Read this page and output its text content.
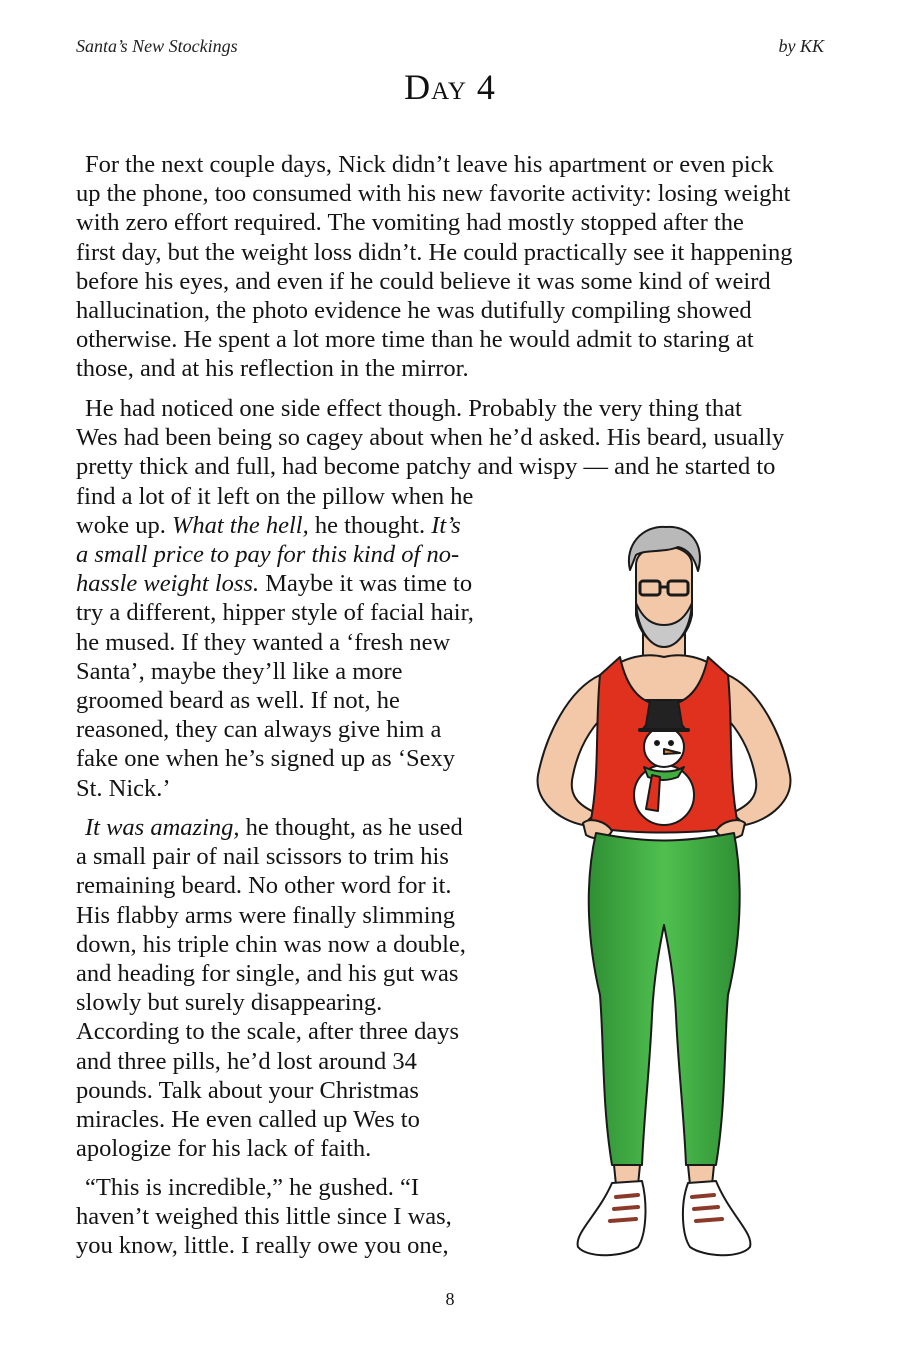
Santa’s New Stockings	by KK
Day 4
For the next couple days, Nick didn’t leave his apartment or even pick
up the phone, too consumed with his new favorite activity: losing weight
with zero effort required. The vomiting had mostly stopped after the
first day, but the weight loss didn’t. He could practically see it happening
before his eyes, and even if he could believe it was some kind of weird
hallucination, the photo evidence he was dutifully compiling showed
otherwise. He spent a lot more time than he would admit to staring at
those, and at his reflection in the mirror.
He had noticed one side effect though. Probably the very thing that
Wes had been being so cagey about when he’d asked. His beard, usually
pretty thick and full, had become patchy and wispy — and he started to
find a lot of it left on the pillow when he
woke up. What the hell, he thought. It’s
a small price to pay for this kind of no-
hassle weight loss. Maybe it was time to
try a different, hipper style of facial hair,
he mused. If they wanted a ‘fresh new
Santa’, maybe they’ll like a more
groomed beard as well. If not, he
reasoned, they can always give him a
fake one when he’s signed up as ‘Sexy
St. Nick.’
It was amazing, he thought, as he used
a small pair of nail scissors to trim his
remaining beard. No other word for it.
His flabby arms were finally slimming
down, his triple chin was now a double,
and heading for single, and his gut was
slowly but surely disappearing.
According to the scale, after three days
and three pills, he’d lost around 34
pounds. Talk about your Christmas
miracles. He even called up Wes to
apologize for his lack of faith.
“This is incredible,” he gushed. “I
haven’t weighed this little since I was,
you know, little. I really owe you one,
8
